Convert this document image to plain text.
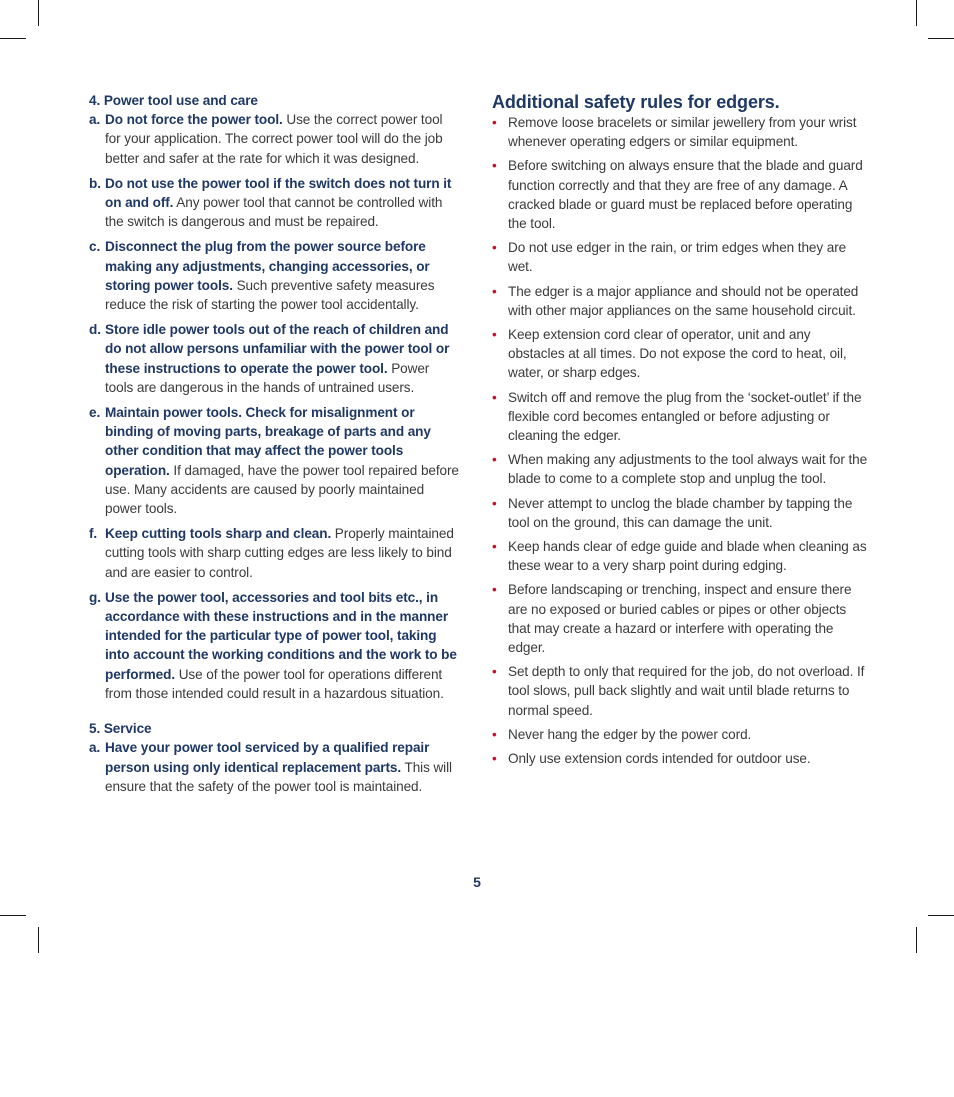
4. Power tool use and care

a. Do not force the power tool. Use the correct power tool for your application. The correct power tool will do the job better and safer at the rate for which it was designed.

b. Do not use the power tool if the switch does not turn it on and off. Any power tool that cannot be controlled with the switch is dangerous and must be repaired.

c. Disconnect the plug from the power source before making any adjustments, changing accessories, or storing power tools. Such preventive safety measures reduce the risk of starting the power tool accidentally.

d. Store idle power tools out of the reach of children and do not allow persons unfamiliar with the power tool or these instructions to operate the power tool. Power tools are dangerous in the hands of untrained users.

e. Maintain power tools. Check for misalignment or binding of moving parts, breakage of parts and any other condition that may affect the power tools operation. If damaged, have the power tool repaired before use. Many accidents are caused by poorly maintained power tools.

f. Keep cutting tools sharp and clean. Properly maintained cutting tools with sharp cutting edges are less likely to bind and are easier to control.

g. Use the power tool, accessories and tool bits etc., in accordance with these instructions and in the manner intended for the particular type of power tool, taking into account the working conditions and the work to be performed. Use of the power tool for operations different from those intended could result in a hazardous situation.

5. Service

a. Have your power tool serviced by a qualified repair person using only identical replacement parts. This will ensure that the safety of the power tool is maintained.

Additional safety rules for edgers.

• Remove loose bracelets or similar jewellery from your wrist whenever operating edgers or similar equipment.

• Before switching on always ensure that the blade and guard function correctly and that they are free of any damage. A cracked blade or guard must be replaced before operating the tool.

• Do not use edger in the rain, or trim edges when they are wet.

• The edger is a major appliance and should not be operated with other major appliances on the same household circuit.

• Keep extension cord clear of operator, unit and any obstacles at all times. Do not expose the cord to heat, oil, water, or sharp edges.

• Switch off and remove the plug from the ‘socket-outlet’ if the flexible cord becomes entangled or before adjusting or cleaning the edger.

• When making any adjustments to the tool always wait for the blade to come to a complete stop and unplug the tool.

• Never attempt to unclog the blade chamber by tapping the tool on the ground, this can damage the unit.

• Keep hands clear of edge guide and blade when cleaning as these wear to a very sharp point during edging.

• Before landscaping or trenching, inspect and ensure there are no exposed or buried cables or pipes or other objects that may create a hazard or interfere with operating the edger.

• Set depth to only that required for the job, do not overload. If tool slows, pull back slightly and wait until blade returns to normal speed.

• Never hang the edger by the power cord.

• Only use extension cords intended for outdoor use.

5
